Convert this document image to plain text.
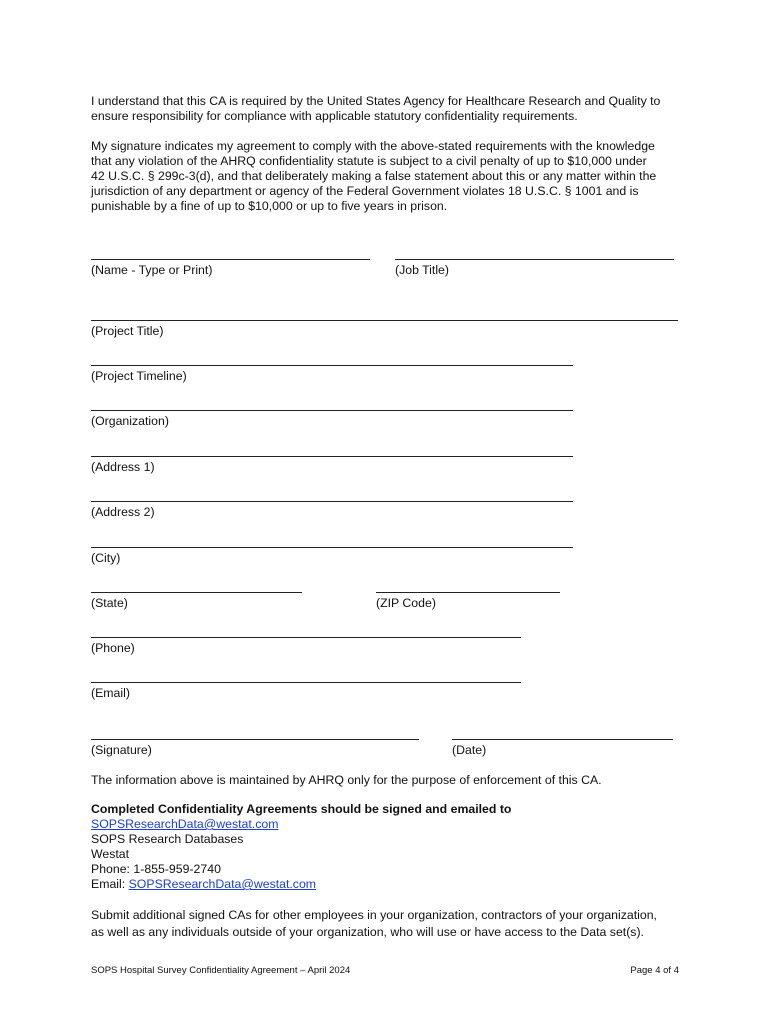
I understand that this CA is required by the United States Agency for Healthcare Research and Quality to
ensure responsibility for compliance with applicable statutory confidentiality requirements.
My signature indicates my agreement to comply with the above-stated requirements with the knowledge
that any violation of the AHRQ confidentiality statute is subject to a civil penalty of up to $10,000 under
42 U.S.C. § 299c-3(d), and that deliberately making a false statement about this or any matter within the
jurisdiction of any department or agency of the Federal Government violates 18 U.S.C. § 1001 and is
punishable by a fine of up to $10,000 or up to five years in prison.
(Name - Type or Print)	(Job Title)
(Project Title)
(Project Timeline)
(Organization)
(Address 1)
(Address 2)
(City)
(State)	(ZIP Code)
(Phone)
(Email)
(Signature)	(Date)
The information above is maintained by AHRQ only for the purpose of enforcement of this CA.
Completed Confidentiality Agreements should be signed and emailed to
SOPSResearchData@westat.com
SOPS Research Databases
Westat
Phone: 1-855-959-2740
Email: SOPSResearchData@westat.com
Submit additional signed CAs for other employees in your organization, contractors of your organization,
as well as any individuals outside of your organization, who will use or have access to the Data set(s).
SOPS Hospital Survey Confidentiality Agreement – April 2024	Page 4 of 4
